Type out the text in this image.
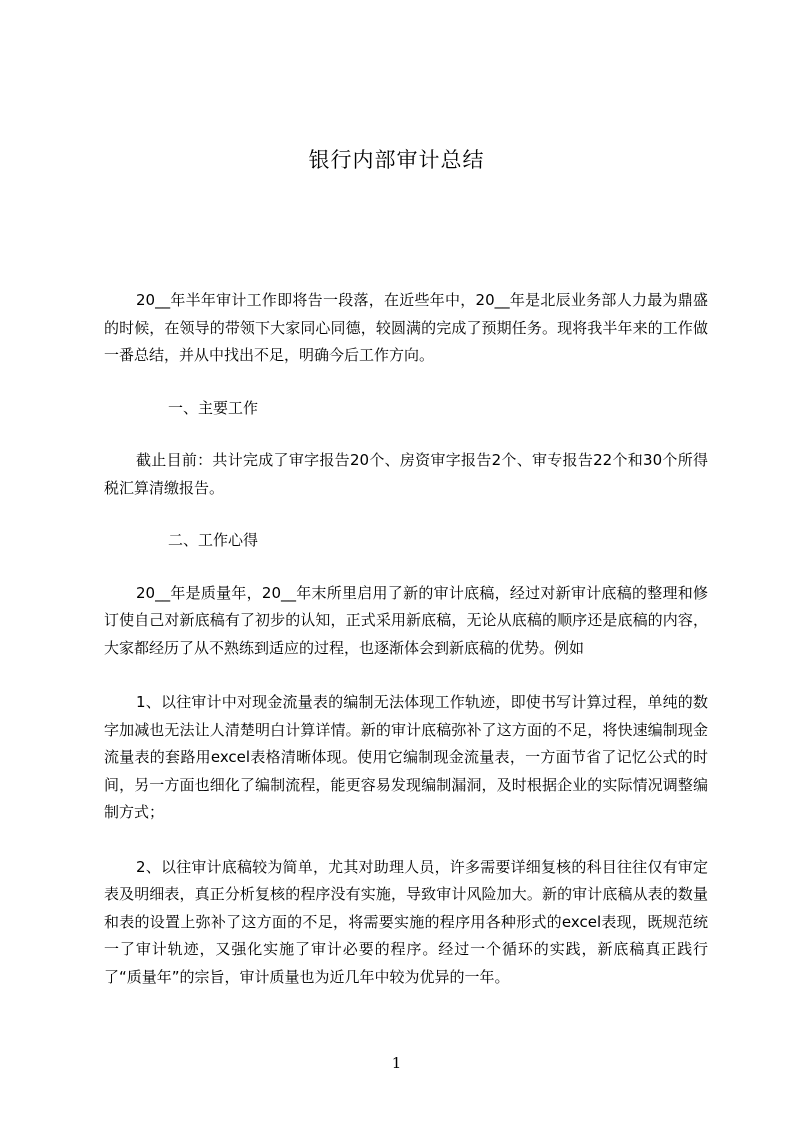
银行内部审计总结

20__年半年审计工作即将告一段落，在近些年中，20__年是北辰业务部人力最为鼎盛的时候，在领导的带领下大家同心同德，较圆满的完成了预期任务。现将我半年来的工作做一番总结，并从中找出不足，明确今后工作方向。

一、主要工作

截止目前：共计完成了审字报告20个、房资审字报告2个、审专报告22个和30个所得税汇算清缴报告。

二、工作心得

20__年是质量年，20__年末所里启用了新的审计底稿，经过对新审计底稿的整理和修订使自己对新底稿有了初步的认知，正式采用新底稿，无论从底稿的顺序还是底稿的内容，大家都经历了从不熟练到适应的过程，也逐渐体会到新底稿的优势。例如

1、以往审计中对现金流量表的编制无法体现工作轨迹，即使书写计算过程，单纯的数字加减也无法让人清楚明白计算详情。新的审计底稿弥补了这方面的不足，将快速编制现金流量表的套路用excel表格清晰体现。使用它编制现金流量表，一方面节省了记忆公式的时间，另一方面也细化了编制流程，能更容易发现编制漏洞，及时根据企业的实际情况调整编制方式；

2、以往审计底稿较为简单，尤其对助理人员，许多需要详细复核的科目往往仅有审定表及明细表，真正分析复核的程序没有实施，导致审计风险加大。新的审计底稿从表的数量和表的设置上弥补了这方面的不足，将需要实施的程序用各种形式的excel表现，既规范统一了审计轨迹，又强化实施了审计必要的程序。经过一个循环的实践，新底稿真正践行了“质量年”的宗旨，审计质量也为近几年中较为优异的一年。

1
